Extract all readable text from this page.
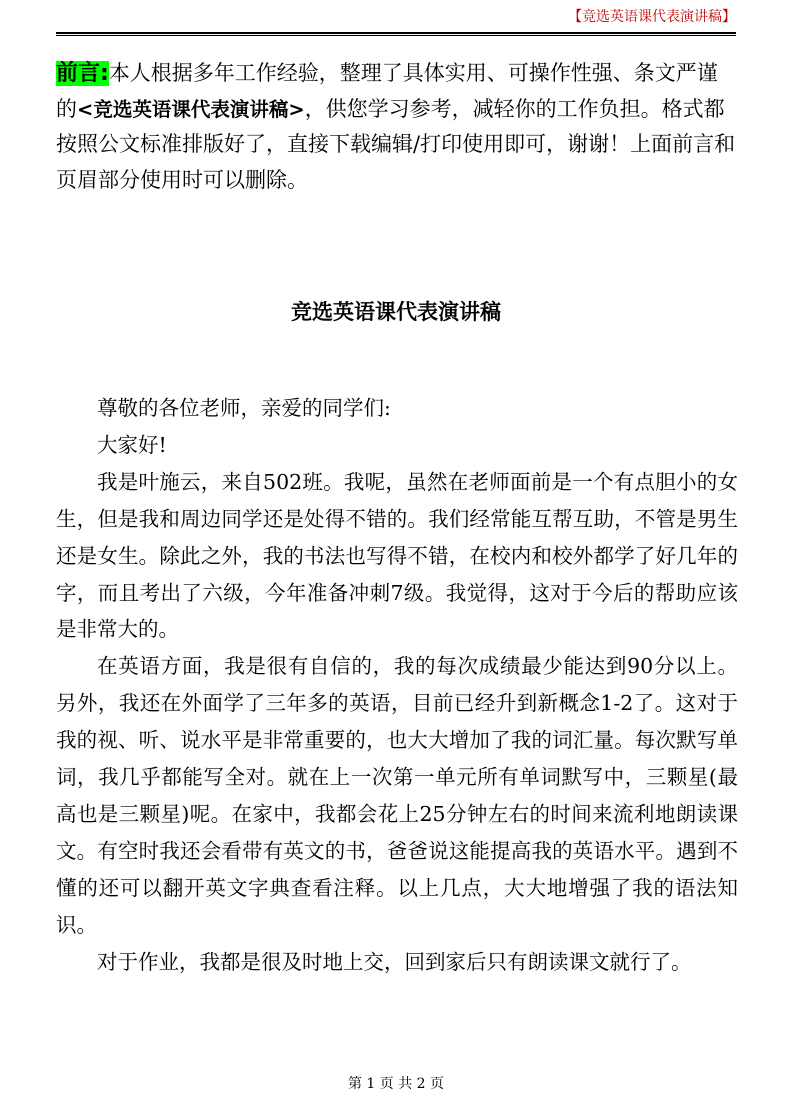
【竞选英语课代表演讲稿】

前言:本人根据多年工作经验，整理了具体实用、可操作性强、条文严谨的<竞选英语课代表演讲稿>，供您学习参考，减轻你的工作负担。格式都按照公文标准排版好了，直接下载编辑/打印使用即可，谢谢！上面前言和页眉部分使用时可以删除。

竞选英语课代表演讲稿

尊敬的各位老师，亲爱的同学们:

大家好!

我是叶施云，来自502班。我呢，虽然在老师面前是一个有点胆小的女生，但是我和周边同学还是处得不错的。我们经常能互帮互助，不管是男生还是女生。除此之外，我的书法也写得不错，在校内和校外都学了好几年的字，而且考出了六级，今年准备冲刺7级。我觉得，这对于今后的帮助应该是非常大的。

在英语方面，我是很有自信的，我的每次成绩最少能达到90分以上。另外，我还在外面学了三年多的英语，目前已经升到新概念1-2了。这对于我的视、听、说水平是非常重要的，也大大增加了我的词汇量。每次默写单词，我几乎都能写全对。就在上一次第一单元所有单词默写中，三颗星(最高也是三颗星)呢。在家中，我都会花上25分钟左右的时间来流利地朗读课文。有空时我还会看带有英文的书，爸爸说这能提高我的英语水平。遇到不懂的还可以翻开英文字典查看注释。以上几点，大大地增强了我的语法知识。

对于作业，我都是很及时地上交，回到家后只有朗读课文就行了。

第 1 页 共 2 页
